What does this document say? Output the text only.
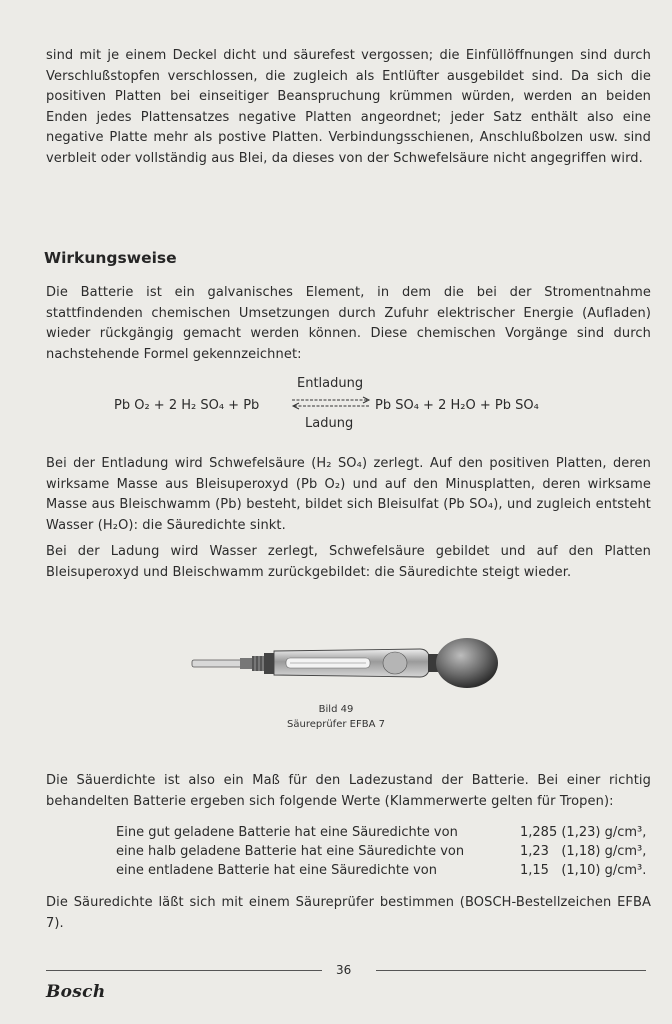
sind mit je einem Deckel dicht und säurefest vergossen; die Einfüllöffnungen sind durch Verschlußstopfen verschlossen, die zugleich als Entlüfter ausgebildet sind. Da sich die positiven Platten bei einseitiger Beanspruchung krümmen würden, werden an beiden Enden jedes Plattensatzes negative Platten angeordnet; jeder Satz enthält also eine negative Platte mehr als postive Platten. Verbindungsschienen, Anschlußbolzen usw. sind verbleit oder vollständig aus Blei, da dieses von der Schwefelsäure nicht angegriffen wird.

Wirkungsweise

Die Batterie ist ein galvanisches Element, in dem die bei der Stromentnahme stattfindenden chemischen Umsetzungen durch Zufuhr elektrischer Energie (Aufladen) wieder rückgängig gemacht werden können. Diese chemischen Vorgänge sind durch nachstehende Formel gekennzeichnet:

Entladung
Pb O₂ + 2 H₂ SO₄ + Pb	Pb SO₄ + 2 H₂O + Pb SO₄
Ladung

Bei der Entladung wird Schwefelsäure (H₂ SO₄) zerlegt. Auf den positiven Platten, deren wirksame Masse aus Bleisuperoxyd (Pb O₂) und auf den Minusplatten, deren wirksame Masse aus Bleischwamm (Pb) besteht, bildet sich Bleisulfat (Pb SO₄), und zugleich entsteht Wasser (H₂O): die Säuredichte sinkt.

Bei der Ladung wird Wasser zerlegt, Schwefelsäure gebildet und auf den Platten Bleisuperoxyd und Bleischwamm zurückgebildet: die Säuredichte steigt wieder.

Bild 49
Säureprüfer EFBA 7

Die Säuerdichte ist also ein Maß für den Ladezustand der Batterie. Bei einer richtig behandelten Batterie ergeben sich folgende Werte (Klammerwerte gelten für Tropen):

Eine gut geladene Batterie hat eine Säuredichte von	1,285 (1,23) g/cm³,
eine halb geladene Batterie hat eine Säuredichte von	1,23   (1,18) g/cm³,
eine entladene Batterie hat eine Säuredichte von	1,15   (1,10) g/cm³.

Die Säuredichte läßt sich mit einem Säureprüfer bestimmen (BOSCH-Bestellzeichen EFBA 7).

36
Bosch
